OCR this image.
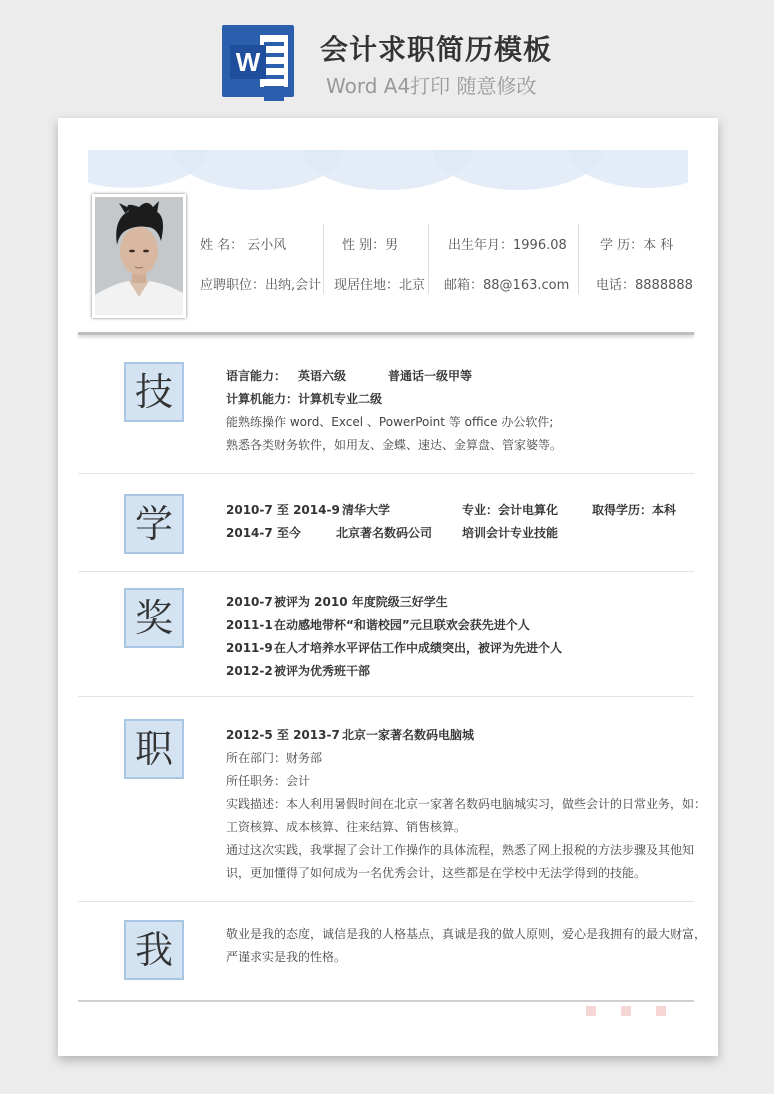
W 会计求职简历模板
Word A4打印 随意修改
姓 名： 云小风	性 别：男	出生年月：1996.08	学 历：本 科
应聘职位：出纳,会计 现居住地：北京 邮箱：88@163.com 电话：8888888
技	语言能力： 英语六级	普通话一级甲等
计算机能力： 计算机专业二级
能熟练操作 word、Excel 、PowerPoint 等 office 办公软件;
熟悉各类财务软件，如用友、金蝶、速达、金算盘、管家婆等。
学	2010-7 至 2014-9 清华大学	专业：会计电算化	取得学历：本科
2014-7 至今	北京著名数码公司 培训会计专业技能
奖	2010-7 被评为 2010 年度院级三好学生
2011-1 在动感地带杯“和谐校园”元旦联欢会获先进个人
2011-9 在人才培养水平评估工作中成绩突出，被评为先进个人
2012-2 被评为优秀班干部
职	2012-5 至 2013-7 北京一家著名数码电脑城
所在部门：财务部
所任职务：会计
实践描述：本人利用暑假时间在北京一家著名数码电脑城实习，做些会计的日常业务，如：
工资核算、成本核算、往来结算、销售核算。
通过这次实践，我掌握了会计工作操作的具体流程，熟悉了网上报税的方法步骤及其他知
识，更加懂得了如何成为一名优秀会计，这些都是在学校中无法学得到的技能。
我	敬业是我的态度，诚信是我的人格基点，真诚是我的做人原则，爱心是我拥有的最大财富，
严谨求实是我的性格。
